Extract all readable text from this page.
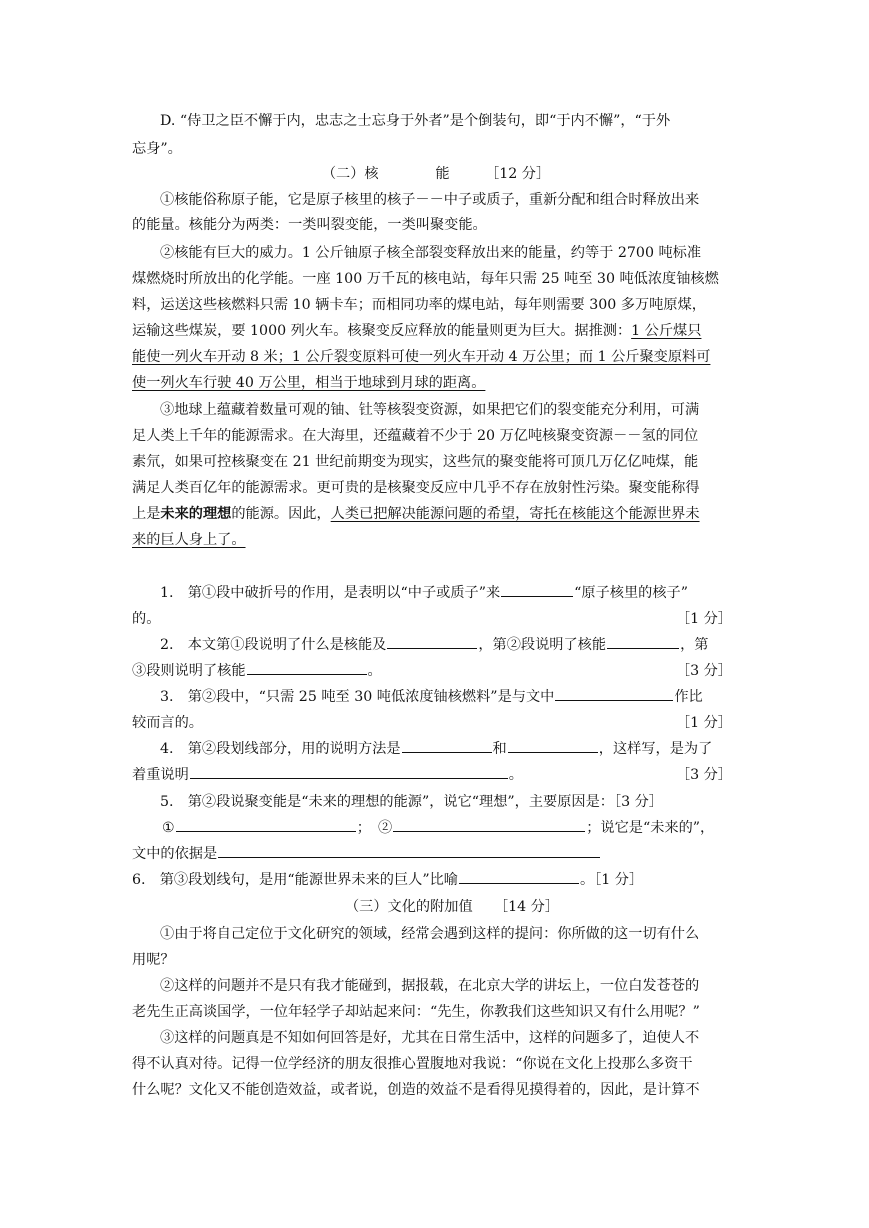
D. “侍卫之臣不懈于内，忠志之士忘身于外者”是个倒装句，即“于内不懈”，“于外
忘身”。
（二）核　　　　能　　　［12 分］
①核能俗称原子能，它是原子核里的核子－－中子或质子，重新分配和组合时释放出来
的能量。核能分为两类：一类叫裂变能，一类叫聚变能。
②核能有巨大的威力。1 公斤铀原子核全部裂变释放出来的能量，约等于 2700 吨标准
煤燃烧时所放出的化学能。一座 100 万千瓦的核电站，每年只需 25 吨至 30 吨低浓度铀核燃
料，运送这些核燃料只需 10 辆卡车；而相同功率的煤电站，每年则需要 300 多万吨原煤，
运输这些煤炭，要 1000 列火车。核聚变反应释放的能量则更为巨大。据推测：1 公斤煤只
能使一列火车开动 8 米；1 公斤裂变原料可使一列火车开动 4 万公里；而 1 公斤聚变原料可
使一列火车行驶 40 万公里，相当于地球到月球的距离。
③地球上蕴藏着数量可观的铀、钍等核裂变资源，如果把它们的裂变能充分利用，可满
足人类上千年的能源需求。在大海里，还蕴藏着不少于 20 万亿吨核聚变资源－－氢的同位
素氘，如果可控核聚变在 21 世纪前期变为现实，这些氘的聚变能将可顶几万亿亿吨煤，能
满足人类百亿年的能源需求。更可贵的是核聚变反应中几乎不存在放射性污染。聚变能称得
上是未来的理想的能源。因此，人类已把解决能源问题的希望，寄托在核能这个能源世界未
来的巨人身上了。
1.　第①段中破折号的作用，是表明以“中子或质子”来	“原子核里的核子”
的。	［1 分］
2.　本文第①段说明了什么是核能及	，第②段说明了核能	，第
③段则说明了核能	。	［3 分］
3.　第②段中，“只需 25 吨至 30 吨低浓度铀核燃料”是与文中	作比
较而言的。	［1 分］
4.　第②段划线部分，用的说明方法是	和	，这样写，是为了
着重说明	。	［3 分］
5.　第②段说聚变能是“未来的理想的能源”，说它“理想”，主要原因是：［3 分］
①	；　②	；说它是“未来的”，
文中的依据是
6.　第③段划线句，是用“能源世界未来的巨人”比喻	。［1 分］
（三）文化的附加值　　［14 分］
①由于将自己定位于文化研究的领域，经常会遇到这样的提问：你所做的这一切有什么
用呢？
②这样的问题并不是只有我才能碰到，据报载，在北京大学的讲坛上，一位白发苍苍的
老先生正高谈国学，一位年轻学子却站起来问：“先生，你教我们这些知识又有什么用呢？”
③这样的问题真是不知如何回答是好，尤其在日常生活中，这样的问题多了，迫使人不
得不认真对待。记得一位学经济的朋友很推心置腹地对我说：“你说在文化上投那么多资干
什么呢？文化又不能创造效益，或者说，创造的效益不是看得见摸得着的，因此，是计算不
